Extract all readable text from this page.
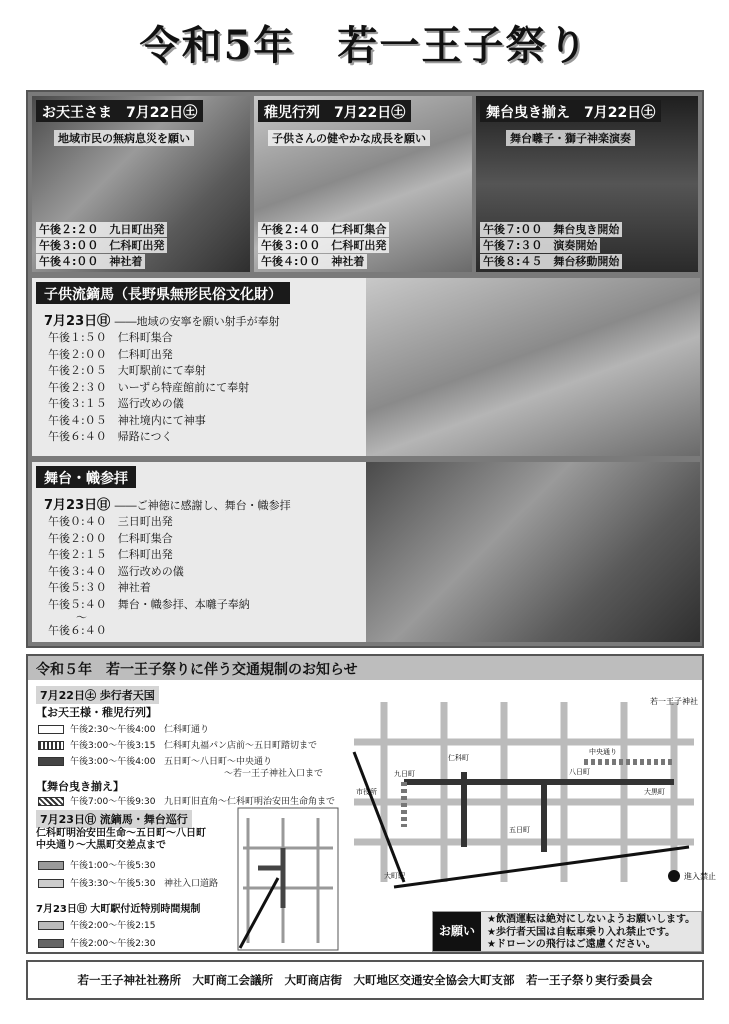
令和5年　若一王子祭り
お天王さま　7月22日㊏
地域市民の無病息災を願い
午後２:２０　九日町出発
午後３:００　仁科町出発
午後４:００　神社着
稚児行列　7月22日㊏
子供さんの健やかな成長を願い
午後２:４０　仁科町集合
午後３:００　仁科町出発
午後４:００　神社着
舞台曳き揃え　7月22日㊏
舞台囃子・獅子神楽演奏
午後７:００　舞台曳き開始
午後７:３０　演奏開始
午後８:４５　舞台移動開始
子供流鏑馬（長野県無形民俗文化財）
7月23日㊐ ――地域の安寧を願い射手が奉射
午後１:５０　仁科町集合
午後２:００　仁科町出発
午後２:０５　大町駅前にて奉射
午後２:３０　いーずら特産館前にて奉射
午後３:１５　巡行改めの儀
午後４:０５　神社境内にて神事
午後６:４０　帰路につく
舞台・幟参拝
7月23日㊐ ――ご神徳に感謝し、舞台・幟参拝
午後０:４０　三日町出発
午後２:００　仁科町集合
午後２:１５　仁科町出発
午後３:４０　巡行改めの儀
午後５:３０　神社着
午後５:４０　舞台・幟参拝、本囃子奉納
〜
午後６:４０
令和５年　若一王子祭りに伴う交通規制のお知らせ
7月22日㊏ 歩行者天国
【お天王様・稚児行列】
午後2:30〜午後4:00 仁科町通り
午後3:00〜午後3:15 仁科町丸福パン店前〜五日町踏切まで
午後3:00〜午後4:00 五日町〜八日町〜中央通り
〜若一王子神社入口まで
【舞台曳き揃え】
午後7:00〜午後9:30 九日町旧直角〜仁科町明治安田生命角まで
7月23日㊐ 流鏑馬・舞台巡行
仁科町明治安田生命〜五日町〜八日町
中央通り〜大黒町交差点まで
午後1:00〜午後5:30
午後3:30〜午後5:30 神社入口道路
7月23日㊐ 大町駅付近特別時間規制
午後2:00〜午後2:15
午後2:00〜午後2:30
若一王子神社
仁科町
九日町
五日町
八日町
大町駅	進入禁止
中央通り
大黒町
市役所
お願い
★飲酒運転は絶対にしないようお願いします。
★歩行者天国は自転車乗り入れ禁止です。
★ドローンの飛行はご遠慮ください。
若一王子神社社務所　大町商工会議所　大町商店街　大町地区交通安全協会大町支部　若一王子祭り実行委員会
